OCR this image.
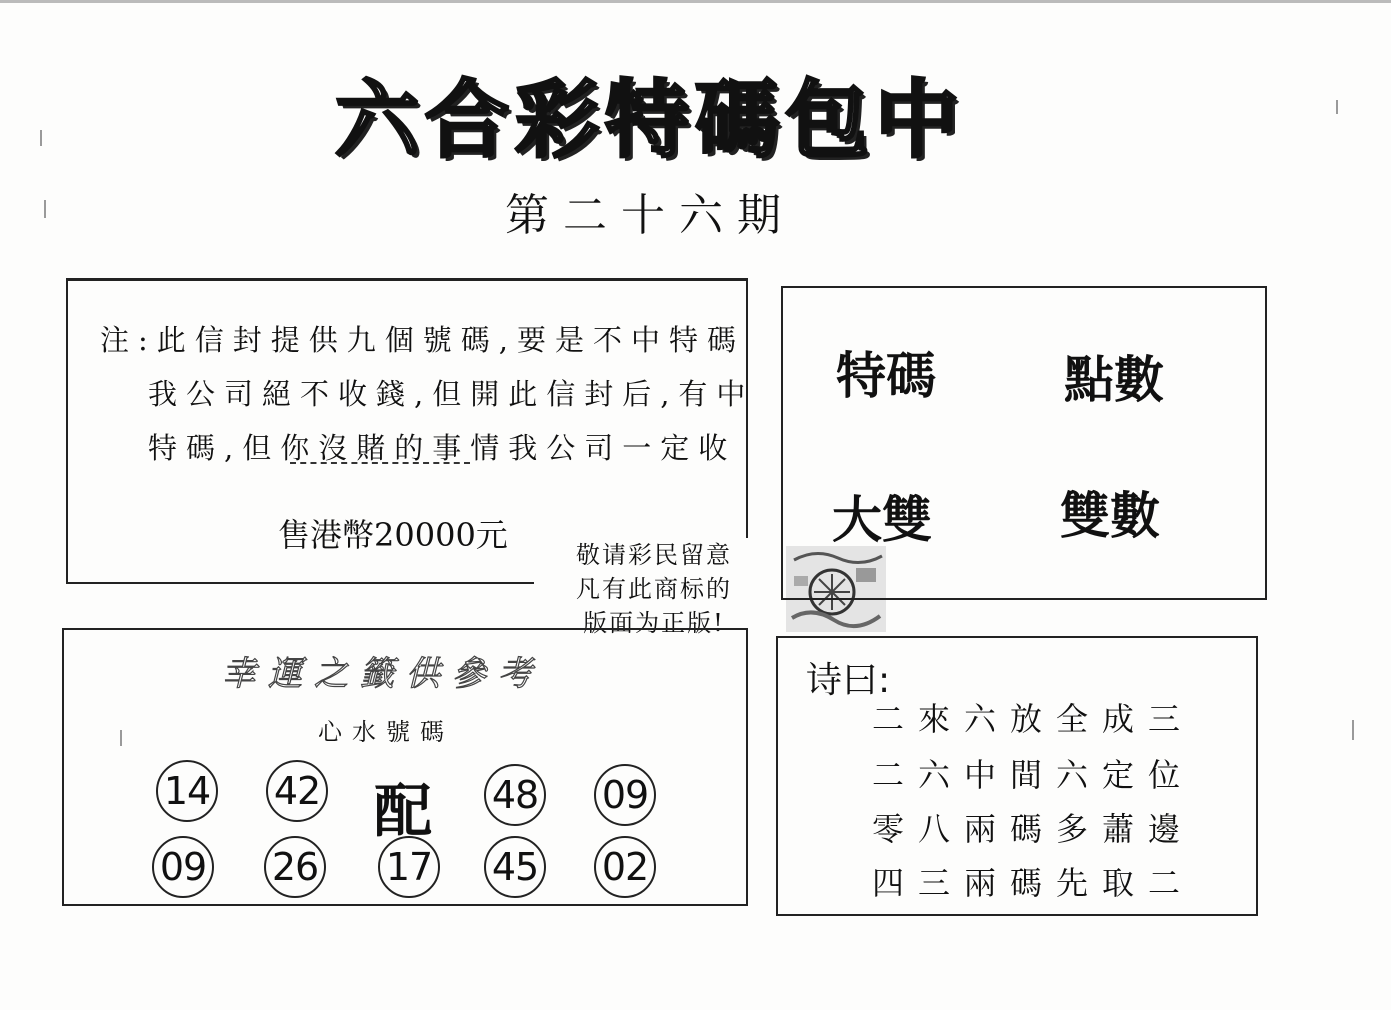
六合彩特碼包中
第二十六期
注:此信封提供九個號碼,要是不中特碼
我公司絕不收錢,但開此信封后,有中
特碼,但你沒賭的事情我公司一定收
售港幣20000元
敬请彩民留意
凡有此商标的
版面为正版!
特碼	點數
大雙	雙數
幸運之籤供參考
心水號碼
14 42 配 48 09
09 26 17 45 02
诗曰:
二來六放全成三
二六中間六定位
零八兩碼多蕭邊
四三兩碼先取二
